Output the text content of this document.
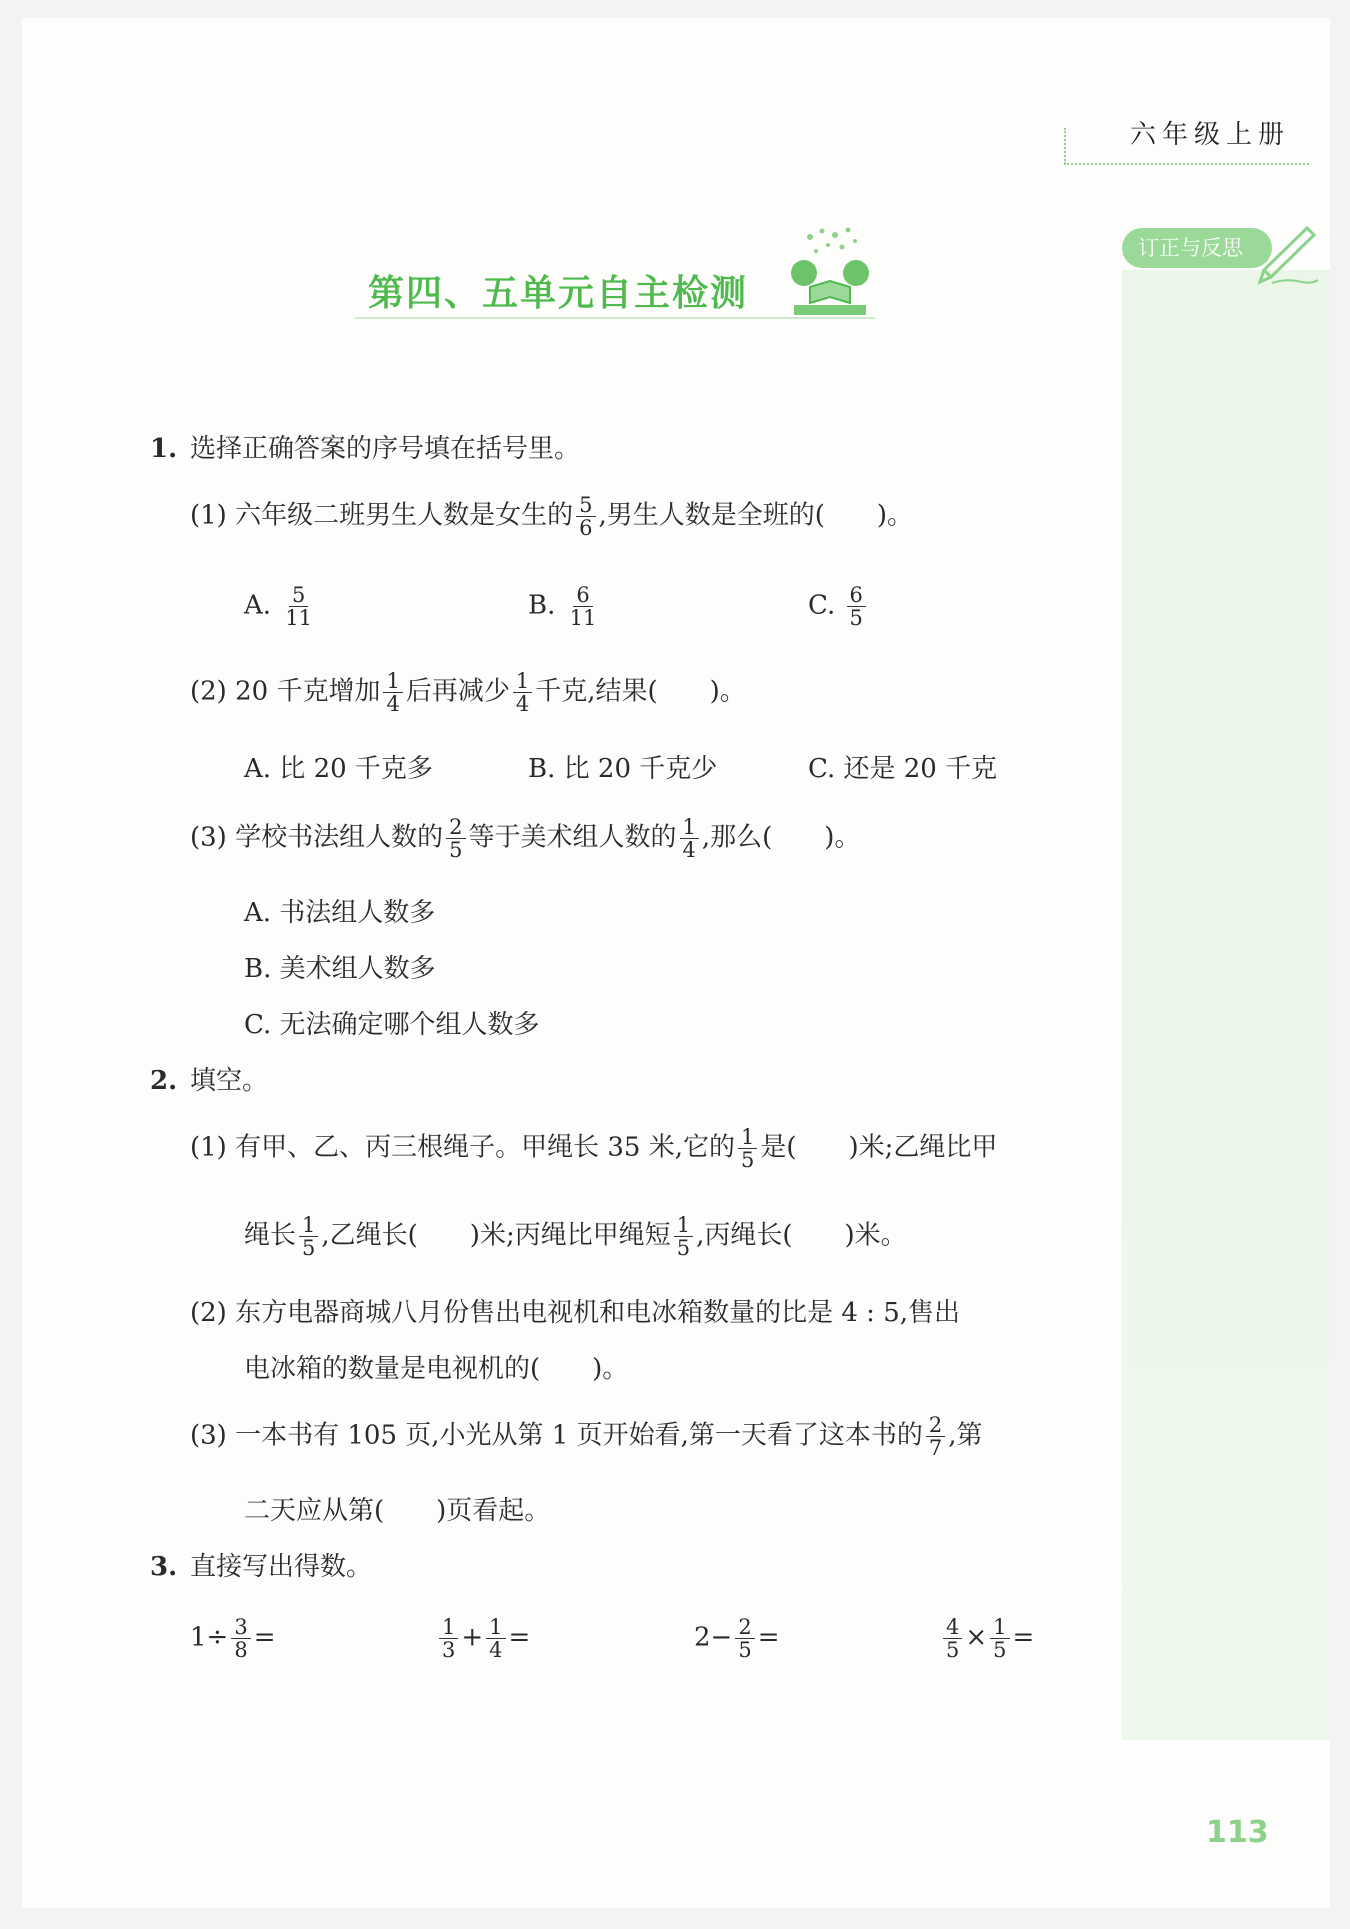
六年级上册
订正与反思
第四、五单元自主检测
1. 选择正确答案的序号填在括号里。
(1) 六年级二班男生人数是女生的 $\frac{5}{6}$ ,男生人数是全班的(　　)。
A. $\frac{5}{11}$	B. $\frac{6}{11}$	C. $\frac{6}{5}$
(2) 20 千克增加 $\frac{1}{4}$ 后再减少 $\frac{1}{4}$ 千克,结果(　　)。
A. 比 20 千克多	B. 比 20 千克少	C. 还是 20 千克
(3) 学校书法组人数的 $\frac{2}{5}$ 等于美术组人数的 $\frac{1}{4}$ ,那么(　　)。
A. 书法组人数多
B. 美术组人数多
C. 无法确定哪个组人数多
2. 填空。
(1) 有甲、乙、丙三根绳子。甲绳长 35 米,它的 $\frac{1}{5}$ 是(　　)米;乙绳比甲
绳长 $\frac{1}{5}$ ,乙绳长(　　)米;丙绳比甲绳短 $\frac{1}{5}$ ,丙绳长(　　)米。
(2) 东方电器商城八月份售出电视机和电冰箱数量的比是 4 : 5,售出
电冰箱的数量是电视机的(　　)。
(3) 一本书有 105 页,小光从第 1 页开始看,第一天看了这本书的 $\frac{2}{7}$ ,第
二天应从第(　　)页看起。
3. 直接写出得数。
$1\div \frac{3}{8}$ =	$\frac{1}{3} + \frac{1}{4}$ =	$2- \frac{2}{5}$ =	$\frac{4}{5} \times \frac{1}{5}$ =
113
